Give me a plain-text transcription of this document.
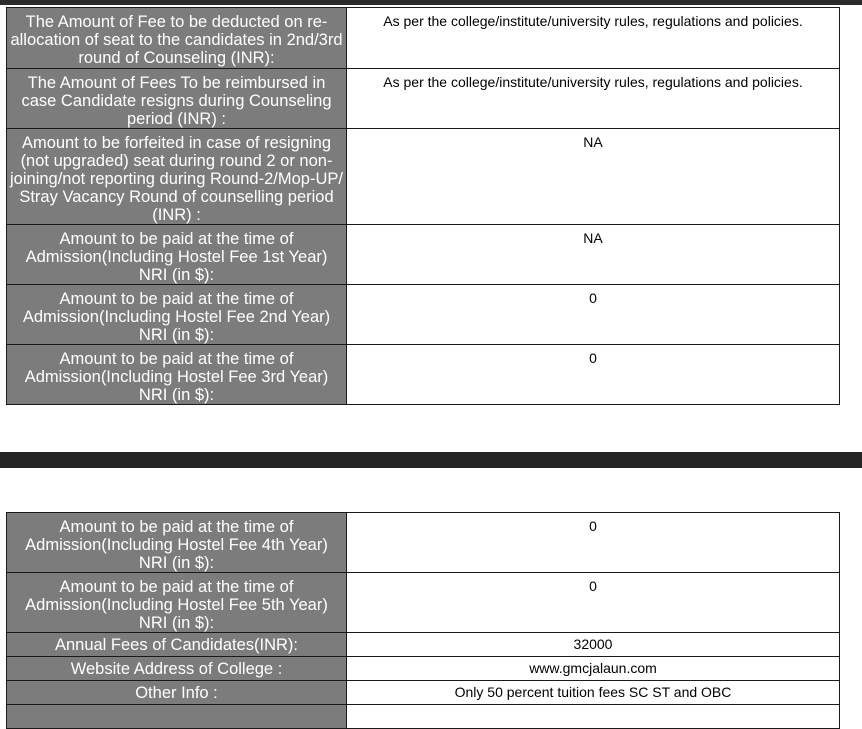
The Amount of Fee to be deducted on re-allocation of seat to the candidates in 2nd/3rd round of Counseling (INR):	As per the college/institute/university rules, regulations and policies.
The Amount of Fees To be reimbursed in case Candidate resigns during Counseling period (INR) :	As per the college/institute/university rules, regulations and policies.
Amount to be forfeited in case of resigning (not upgraded) seat during round 2 or non-joining/not reporting during Round-2/Mop-UP/ Stray Vacancy Round of counselling period (INR) :	NA
Amount to be paid at the time of Admission(Including Hostel Fee 1st Year) NRI (in $):	NA
Amount to be paid at the time of Admission(Including Hostel Fee 2nd Year) NRI (in $):	0
Amount to be paid at the time of Admission(Including Hostel Fee 3rd Year) NRI (in $):	0
Amount to be paid at the time of Admission(Including Hostel Fee 4th Year) NRI (in $):	0
Amount to be paid at the time of Admission(Including Hostel Fee 5th Year) NRI (in $):	0
Annual Fees of Candidates(INR):	32000
Website Address of College :	www.gmcjalaun.com
Other Info :	Only 50 percent tuition fees SC ST and OBC
